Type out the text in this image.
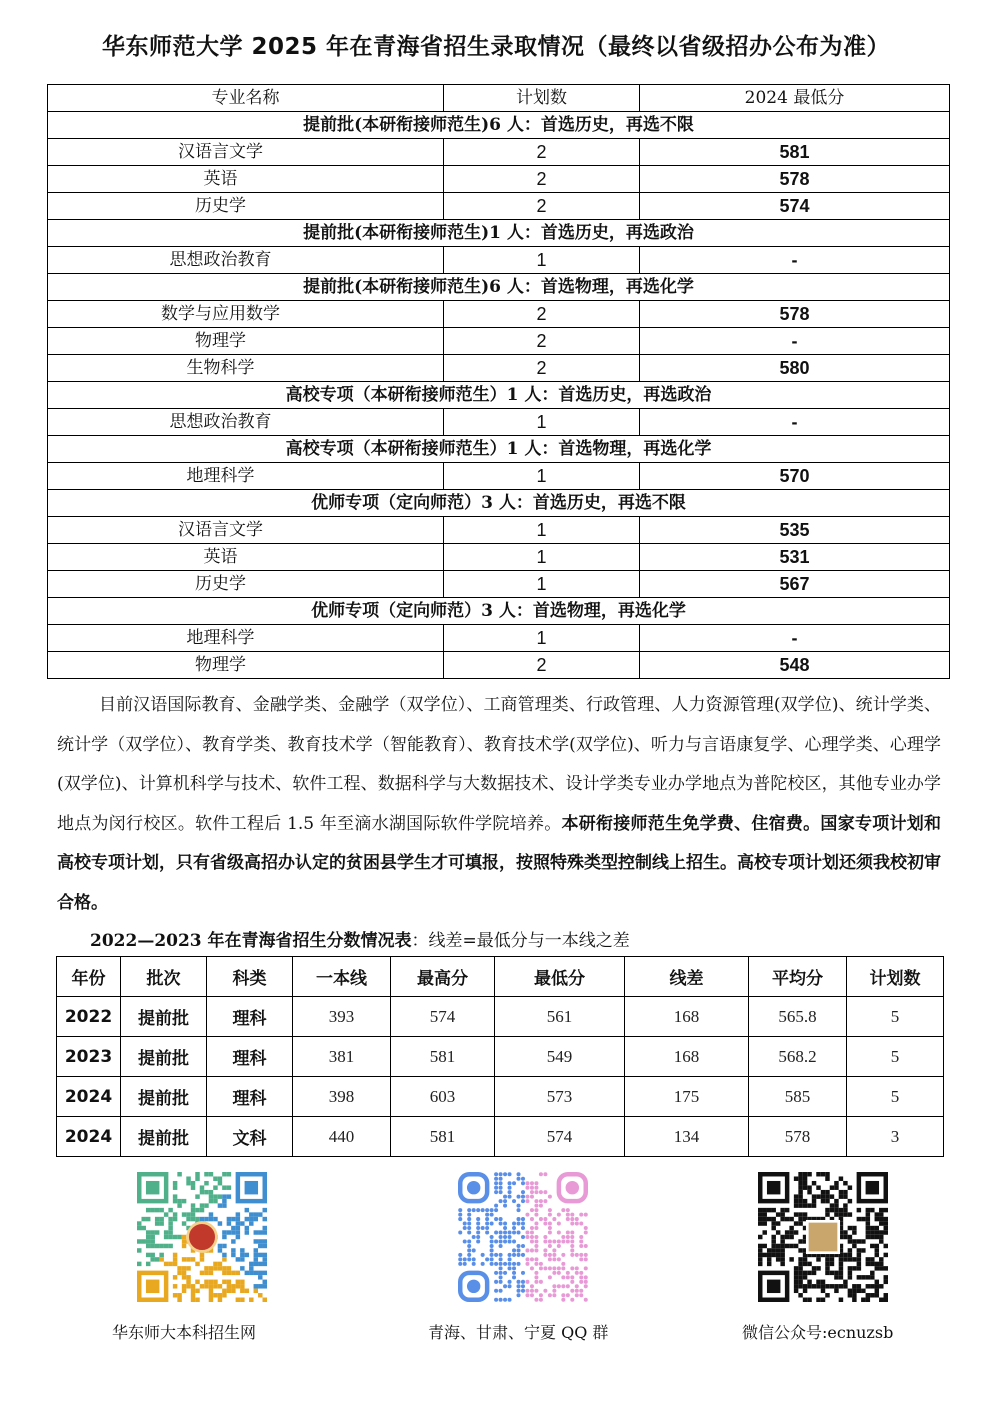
华东师范大学 2025 年在青海省招生录取情况（最终以省级招办公布为准）
专业名称	计划数	2024 最低分
提前批(本研衔接师范生)6 人：首选历史，再选不限		
汉语言文学	2	581
英语	2	578
历史学	2	574
提前批(本研衔接师范生)1 人：首选历史，再选政治		
思想政治教育	1	-
提前批(本研衔接师范生)6 人：首选物理，再选化学		
数学与应用数学	2	578
物理学	2	-
生物科学	2	580
高校专项（本研衔接师范生）1 人：首选历史，再选政治		
思想政治教育	1	-
高校专项（本研衔接师范生）1 人：首选物理，再选化学		
地理科学	1	570
优师专项（定向师范）3 人：首选历史，再选不限		
汉语言文学	1	535
英语	1	531
历史学	1	567
优师专项（定向师范）3 人：首选物理，再选化学		
地理科学	1	-
物理学	2	548

目前汉语国际教育、金融学类、金融学（双学位）、工商管理类、行政管理、人力资源管理(双学位)、统计学类、统计学（双学位）、教育学类、教育技术学（智能教育）、教育技术学(双学位)、听力与言语康复学、心理学类、心理学(双学位)、计算机科学与技术、软件工程、数据科学与大数据技术、设计学类专业办学地点为普陀校区，其他专业办学地点为闵行校区。软件工程后 1.5 年至滴水湖国际软件学院培养。本研衔接师范生免学费、住宿费。国家专项计划和高校专项计划，只有省级高招办认定的贫困县学生才可填报，按照特殊类型控制线上招生。高校专项计划还须我校初审合格。

2022—2023 年在青海省招生分数情况表：线差=最低分与一本线之差
年份	批次	科类	一本线	最高分	最低分	线差	平均分	计划数
2022	提前批	理科	393	574	561	168	565.8	5
2023	提前批	理科	381	581	549	168	568.2	5
2024	提前批	理科	398	603	573	175	585	5
2024	提前批	文科	440	581	574	134	578	3
华东师大本科招生网	青海、甘肃、宁夏 QQ 群	微信公众号:ecnuzsb
